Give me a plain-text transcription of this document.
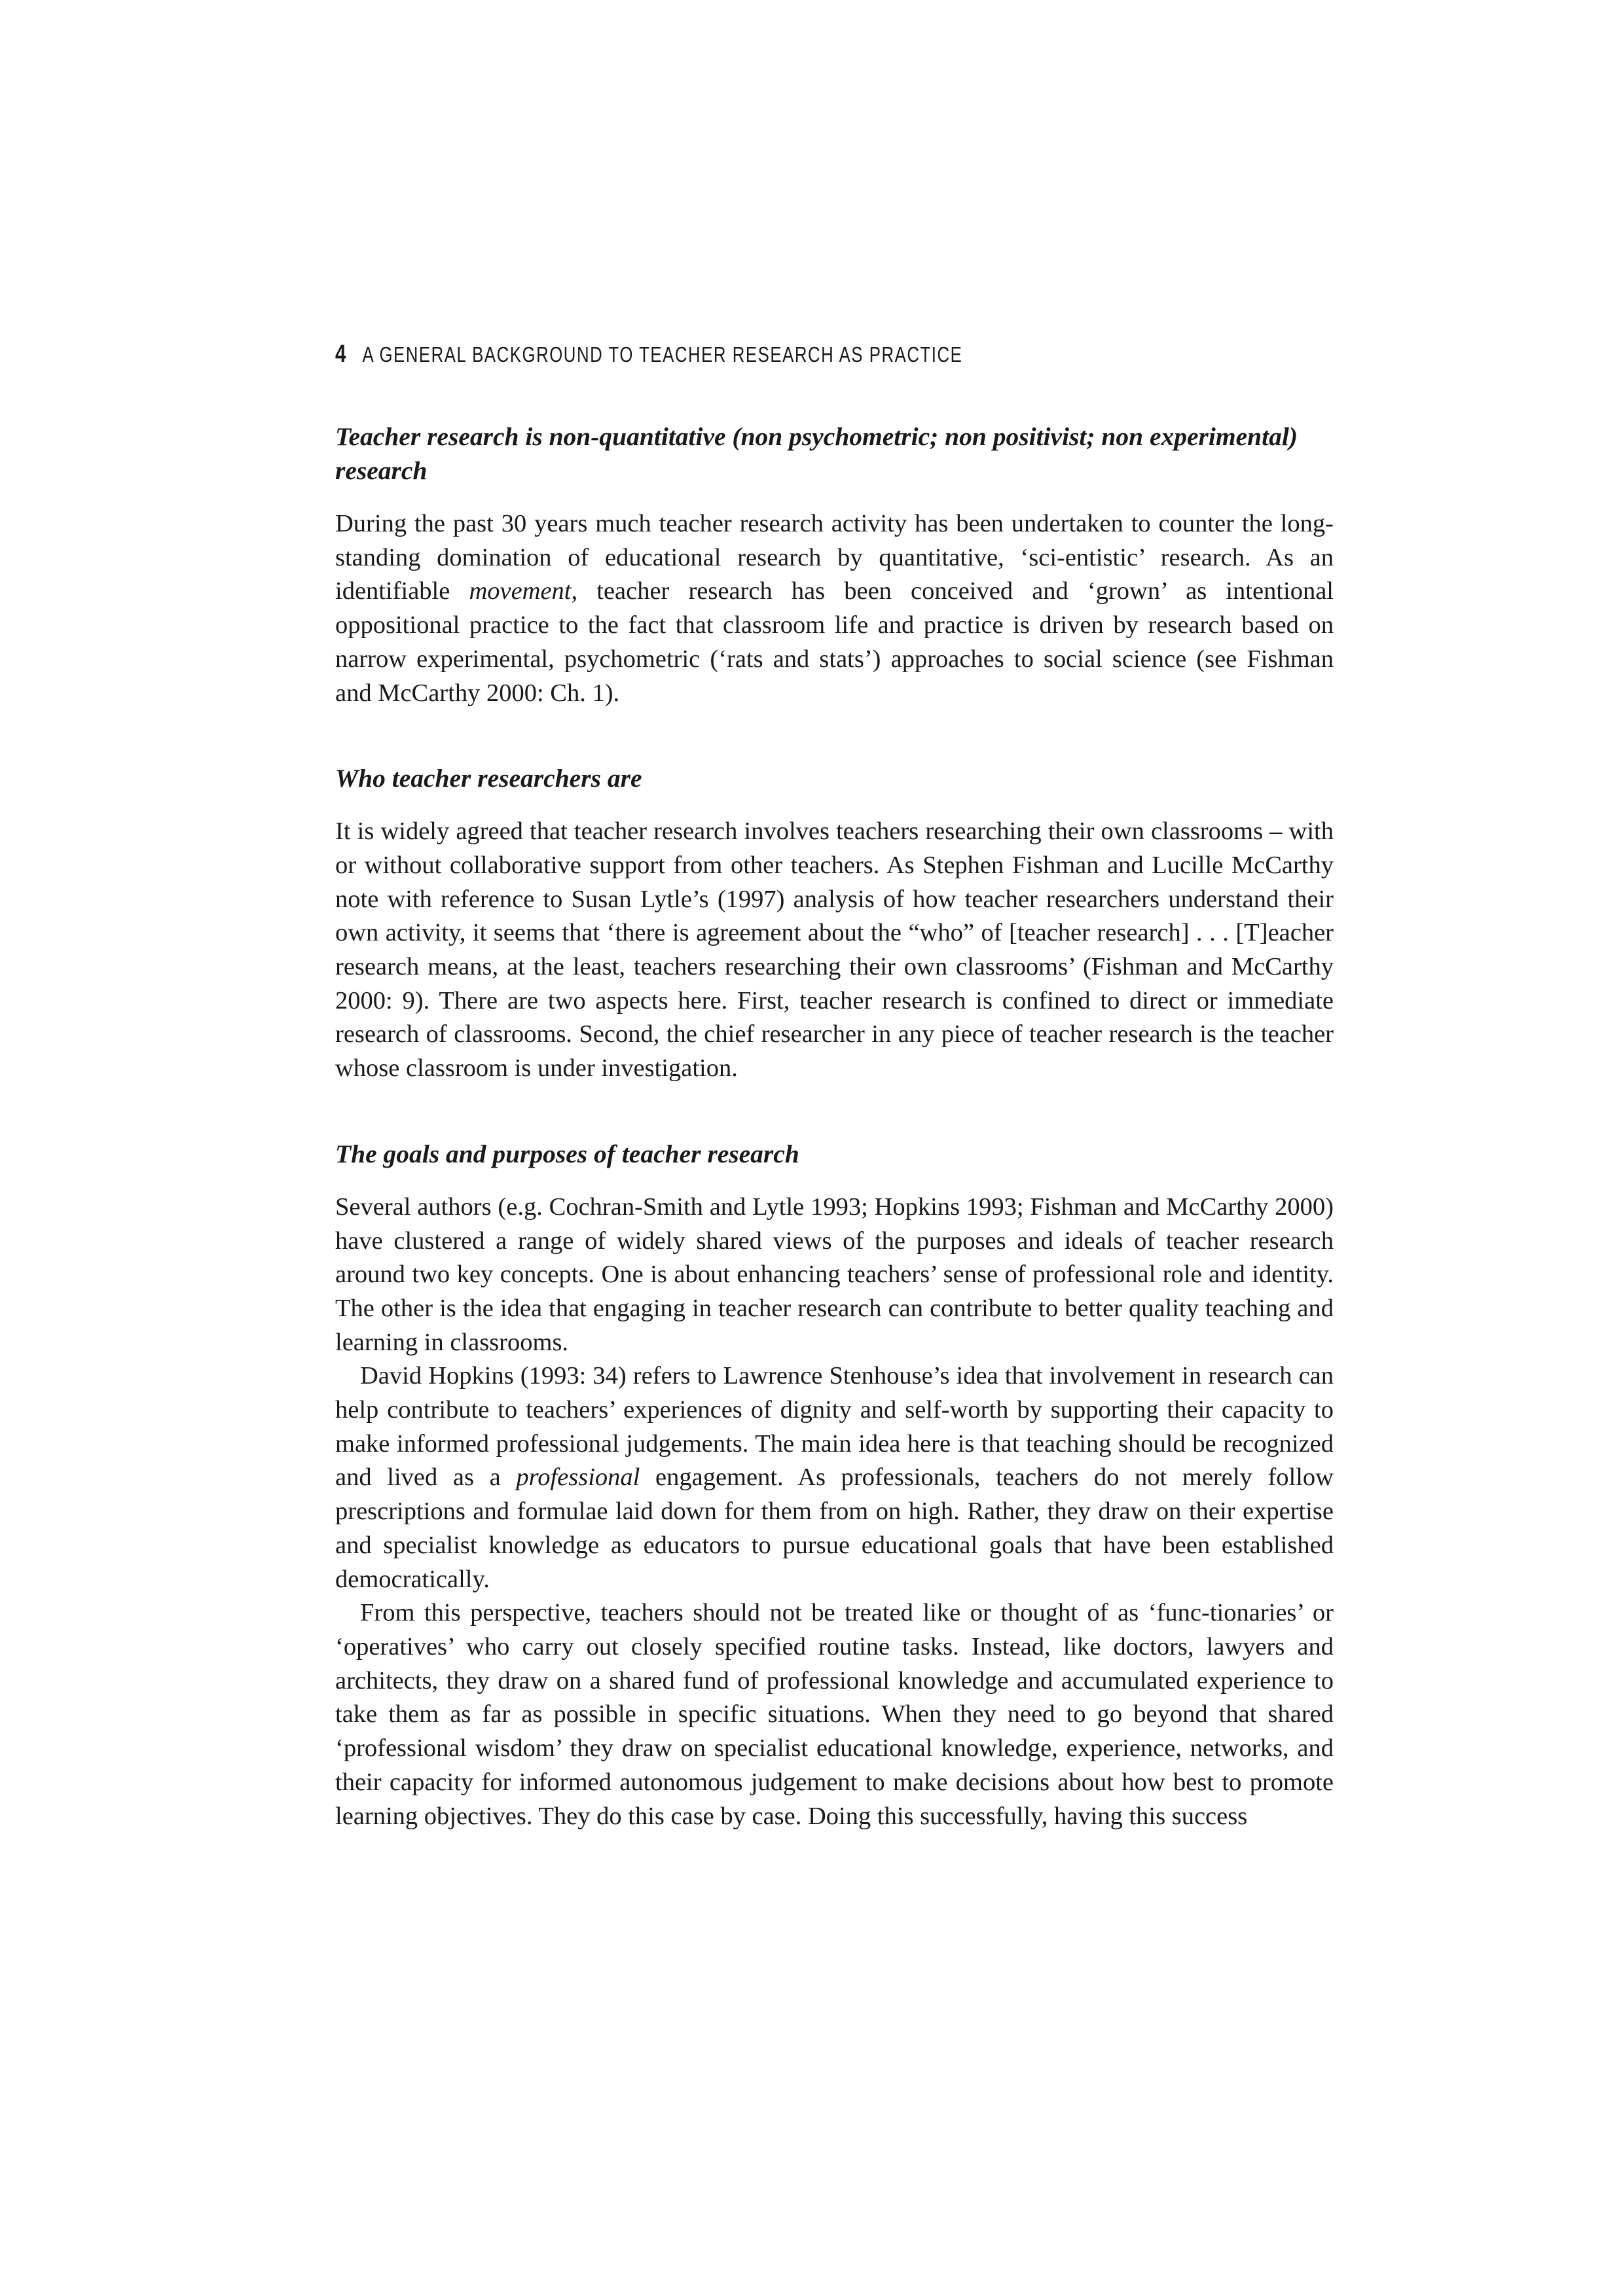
4 A GENERAL BACKGROUND TO TEACHER RESEARCH AS PRACTICE
Teacher research is non-quantitative (non psychometric; non positivist; non experimental) research

During the past 30 years much teacher research activity has been undertaken to counter the long-standing domination of educational research by quantitative, ‘sci-entistic’ research. As an identifiable movement, teacher research has been conceived and ‘grown’ as intentional oppositional practice to the fact that classroom life and practice is driven by research based on narrow experimental, psychometric (‘rats and stats’) approaches to social science (see Fishman and McCarthy 2000: Ch. 1).

Who teacher researchers are

It is widely agreed that teacher research involves teachers researching their own classrooms – with or without collaborative support from other teachers. As Stephen Fishman and Lucille McCarthy note with reference to Susan Lytle’s (1997) analysis of how teacher researchers understand their own activity, it seems that ‘there is agreement about the “who” of [teacher research] . . . [T]eacher research means, at the least, teachers researching their own classrooms’ (Fishman and McCarthy 2000: 9). There are two aspects here. First, teacher research is confined to direct or immediate research of classrooms. Second, the chief researcher in any piece of teacher research is the teacher whose classroom is under investigation.

The goals and purposes of teacher research

Several authors (e.g. Cochran-Smith and Lytle 1993; Hopkins 1993; Fishman and McCarthy 2000) have clustered a range of widely shared views of the purposes and ideals of teacher research around two key concepts. One is about enhancing teachers’ sense of professional role and identity. The other is the idea that engaging in teacher research can contribute to better quality teaching and learning in classrooms.

David Hopkins (1993: 34) refers to Lawrence Stenhouse’s idea that involvement in research can help contribute to teachers’ experiences of dignity and self-worth by supporting their capacity to make informed professional judgements. The main idea here is that teaching should be recognized and lived as a professional engagement. As professionals, teachers do not merely follow prescriptions and formulae laid down for them from on high. Rather, they draw on their expertise and specialist knowledge as educators to pursue educational goals that have been established democratically.

From this perspective, teachers should not be treated like or thought of as ‘func-tionaries’ or ‘operatives’ who carry out closely specified routine tasks. Instead, like doctors, lawyers and architects, they draw on a shared fund of professional knowledge and accumulated experience to take them as far as possible in specific situations. When they need to go beyond that shared ‘professional wisdom’ they draw on specialist educational knowledge, experience, networks, and their capacity for informed autonomous judgement to make decisions about how best to promote learning objectives. They do this case by case. Doing this successfully, having this success
